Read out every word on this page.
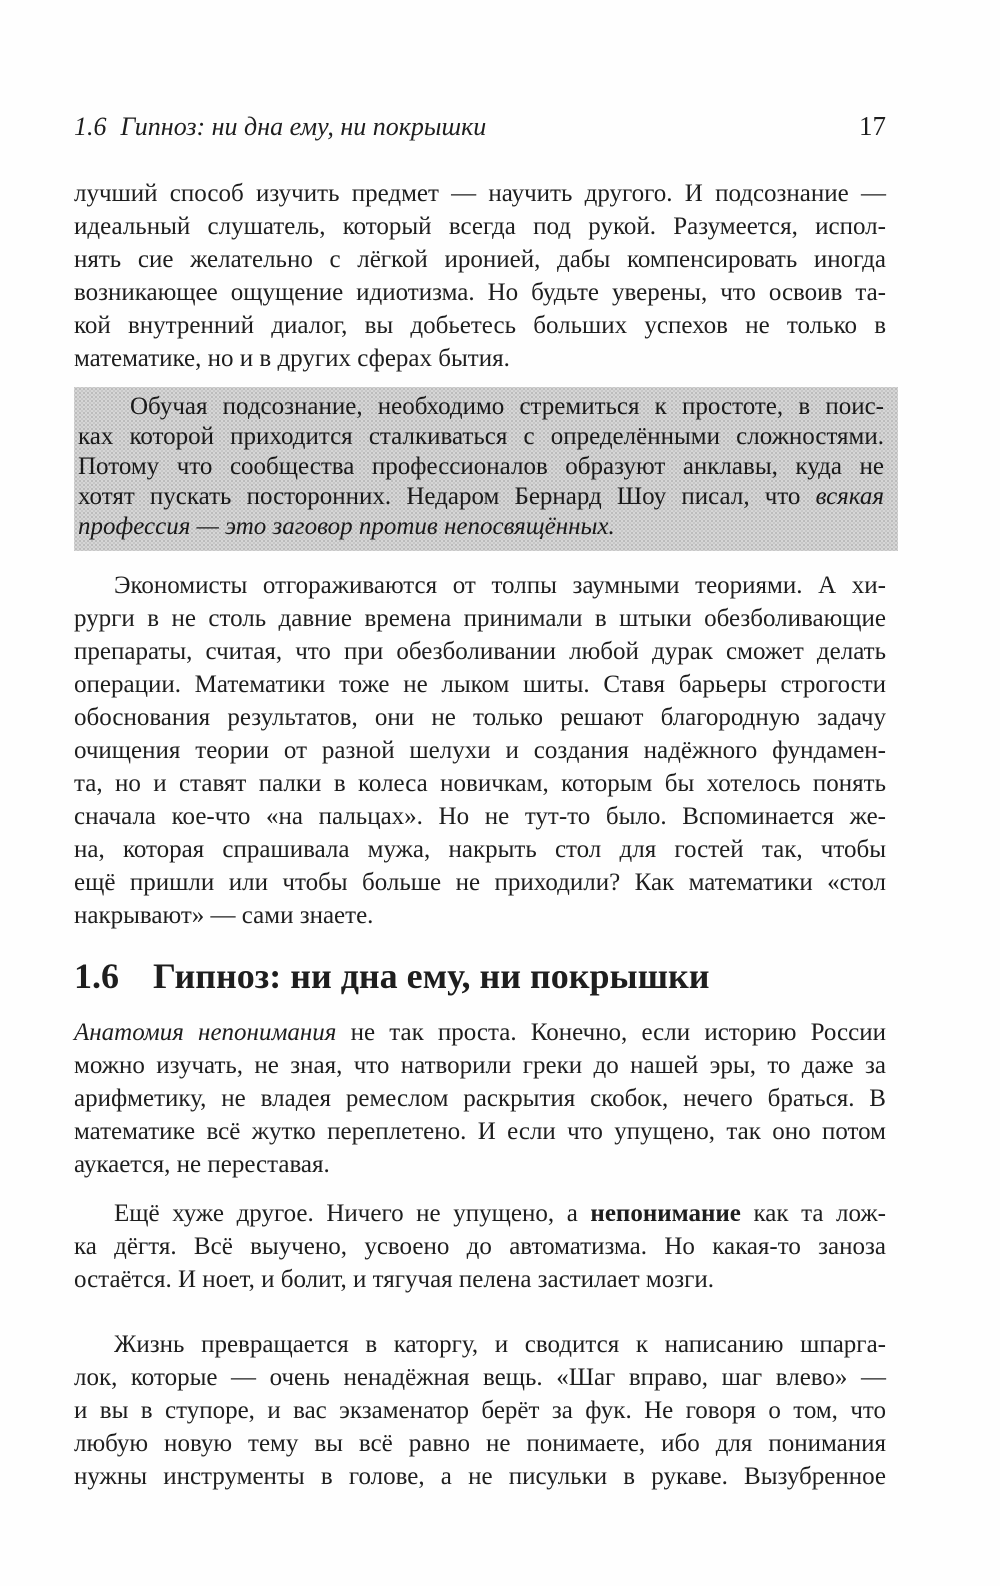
1.6 Гипноз: ни дна ему, ни покрышки	17
лучший способ изучить предмет — научить другого. И подсознание —
идеальный слушатель, который всегда под рукой. Разумеется, испол-
нять сие желательно с лёгкой иронией, дабы компенсировать иногда
возникающее ощущение идиотизма. Но будьте уверены, что освоив та-
кой внутренний диалог, вы добьетесь больших успехов не только в
математике, но и в других сферах бытия.
Обучая подсознание, необходимо стремиться к простоте, в поис-
ках которой приходится сталкиваться с определёнными сложностями.
Потому что сообщества профессионалов образуют анклавы, куда не
хотят пускать посторонних. Недаром Бернард Шоу писал, что всякая
профессия — это заговор против непосвящённых.
Экономисты отгораживаются от толпы заумными теориями. А хи-
рурги в не столь давние времена принимали в штыки обезболивающие
препараты, считая, что при обезболивании любой дурак сможет делать
операции. Математики тоже не лыком шиты. Ставя барьеры строгости
обоснования результатов, они не только решают благородную задачу
очищения теории от разной шелухи и создания надёжного фундамен-
та, но и ставят палки в колеса новичкам, которым бы хотелось понять
сначала кое-что «на пальцах». Но не тут-то было. Вспоминается же-
на, которая спрашивала мужа, накрыть стол для гостей так, чтобы
ещё пришли или чтобы больше не приходили? Как математики «стол
накрывают» — сами знаете.
1.6 Гипноз: ни дна ему, ни покрышки
Анатомия непонимания не так проста. Конечно, если историю России
можно изучать, не зная, что натворили греки до нашей эры, то даже за
арифметику, не владея ремеслом раскрытия скобок, нечего браться. В
математике всё жутко переплетено. И если что упущено, так оно потом
аукается, не переставая.
Ещё хуже другое. Ничего не упущено, а непонимание как та лож-
ка дёгтя. Всё выучено, усвоено до автоматизма. Но какая-то заноза
остаётся. И ноет, и болит, и тягучая пелена застилает мозги.
Жизнь превращается в каторгу, и сводится к написанию шпарга-
лок, которые — очень ненадёжная вещь. «Шаг вправо, шаг влево» —
и вы в ступоре, и вас экзаменатор берёт за фук. Не говоря о том, что
любую новую тему вы всё равно не понимаете, ибо для понимания
нужны инструменты в голове, а не писульки в рукаве. Вызубренное
